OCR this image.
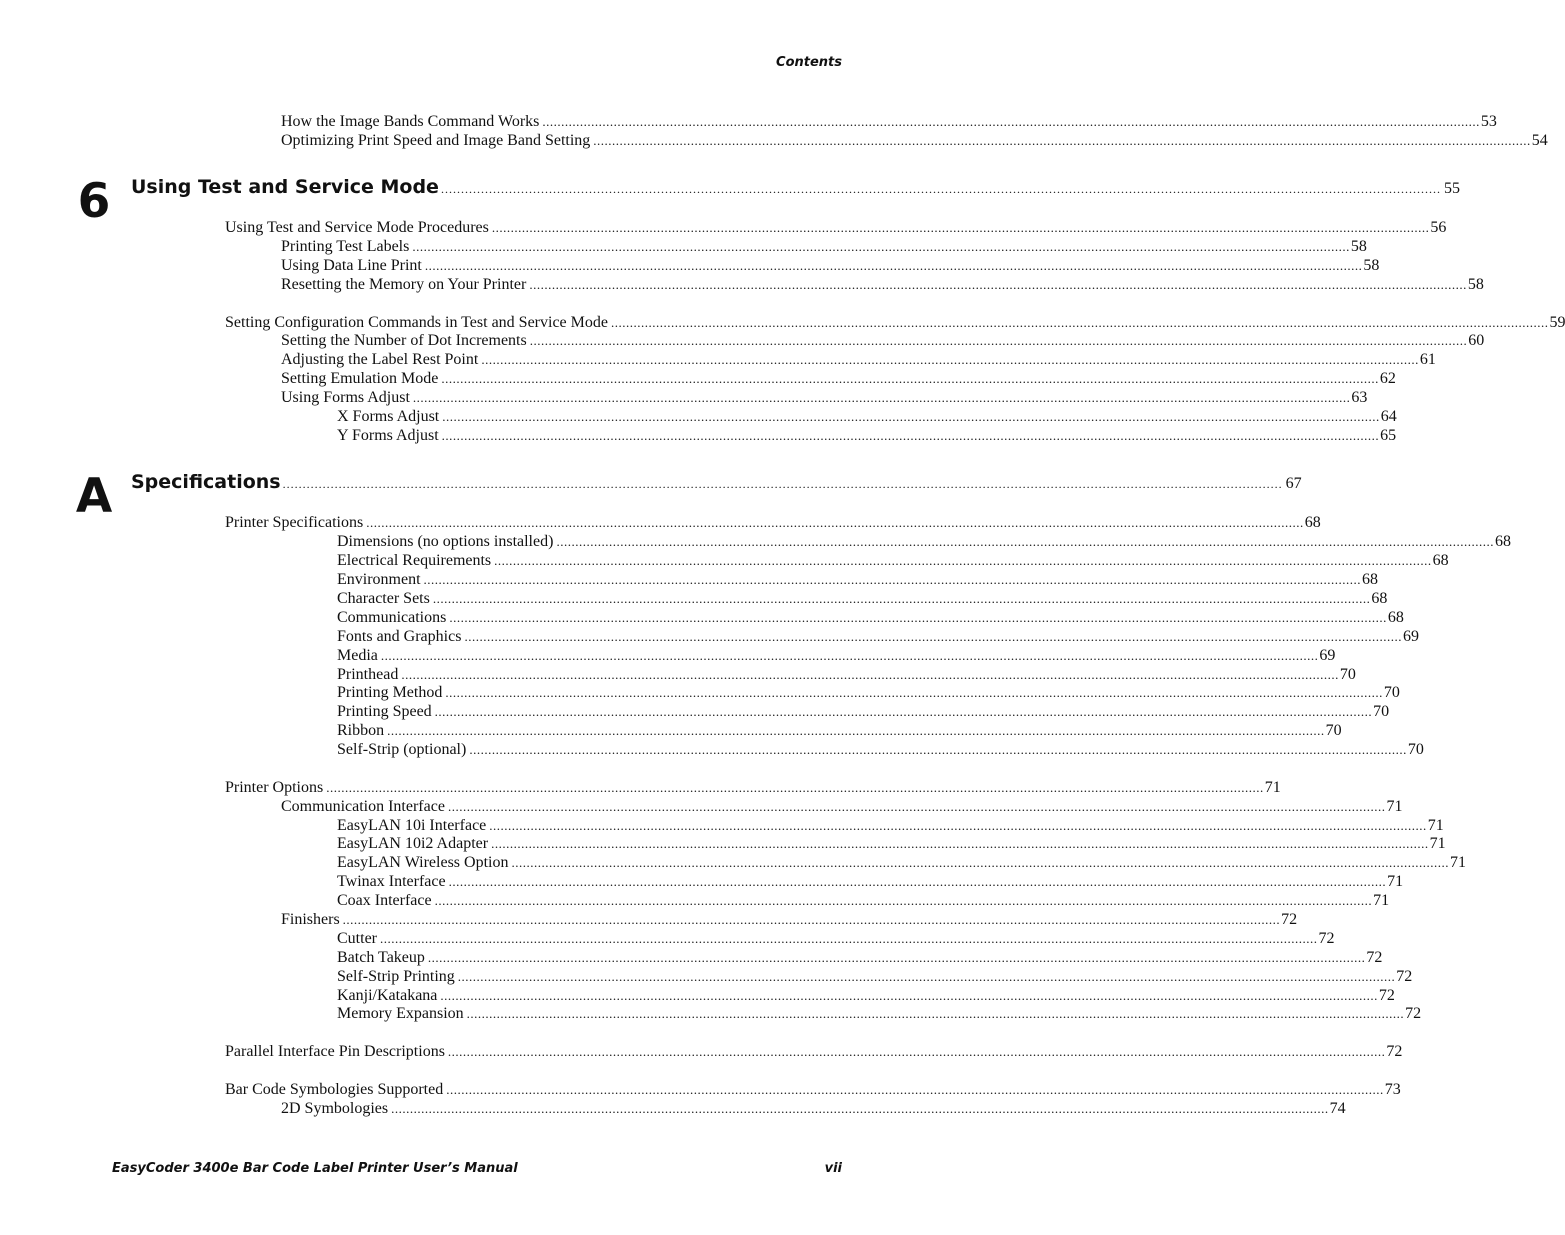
Contents
How the Image Bands Command Works .......................................................................................................................................................................................................................................................... 53
Optimizing Print Speed and Image Band Setting .......................................................................................................................................................................................................................................................... 54
6	Using Test and Service Mode .......................................................................................................................................................................................................................................................... 55
Using Test and Service Mode Procedures .......................................................................................................................................................................................................................................................... 56
Printing Test Labels .......................................................................................................................................................................................................................................................... 58
Using Data Line Print .......................................................................................................................................................................................................................................................... 58
Resetting the Memory on Your Printer .......................................................................................................................................................................................................................................................... 58
Setting Configuration Commands in Test and Service Mode .......................................................................................................................................................................................................................................................... 59
Setting the Number of Dot Increments .......................................................................................................................................................................................................................................................... 60
Adjusting the Label Rest Point .......................................................................................................................................................................................................................................................... 61
Setting Emulation Mode .......................................................................................................................................................................................................................................................... 62
Using Forms Adjust .......................................................................................................................................................................................................................................................... 63
X Forms Adjust .......................................................................................................................................................................................................................................................... 64
Y Forms Adjust .......................................................................................................................................................................................................................................................... 65
A Specifications .......................................................................................................................................................................................................................................................... 67
Printer Specifications .......................................................................................................................................................................................................................................................... 68
Dimensions (no options installed) .......................................................................................................................................................................................................................................................... 68
Electrical Requirements .......................................................................................................................................................................................................................................................... 68
Environment .......................................................................................................................................................................................................................................................... 68
Character Sets .......................................................................................................................................................................................................................................................... 68
Communications .......................................................................................................................................................................................................................................................... 68
Fonts and Graphics .......................................................................................................................................................................................................................................................... 69
Media .......................................................................................................................................................................................................................................................... 69
Printhead .......................................................................................................................................................................................................................................................... 70
Printing Method .......................................................................................................................................................................................................................................................... 70
Printing Speed .......................................................................................................................................................................................................................................................... 70
Ribbon .......................................................................................................................................................................................................................................................... 70
Self-Strip (optional) .......................................................................................................................................................................................................................................................... 70
Printer Options .......................................................................................................................................................................................................................................................... 71
Communication Interface .......................................................................................................................................................................................................................................................... 71
EasyLAN 10i Interface .......................................................................................................................................................................................................................................................... 71
EasyLAN 10i2 Adapter .......................................................................................................................................................................................................................................................... 71
EasyLAN Wireless Option .......................................................................................................................................................................................................................................................... 71
Twinax Interface .......................................................................................................................................................................................................................................................... 71
Coax Interface .......................................................................................................................................................................................................................................................... 71
Finishers .......................................................................................................................................................................................................................................................... 72
Cutter .......................................................................................................................................................................................................................................................... 72
Batch Takeup .......................................................................................................................................................................................................................................................... 72
Self-Strip Printing .......................................................................................................................................................................................................................................................... 72
Kanji/Katakana .......................................................................................................................................................................................................................................................... 72
Memory Expansion .......................................................................................................................................................................................................................................................... 72
Parallel Interface Pin Descriptions .......................................................................................................................................................................................................................................................... 72
Bar Code Symbologies Supported .......................................................................................................................................................................................................................................................... 73
2D Symbologies .......................................................................................................................................................................................................................................................... 74
EasyCoder 3400e Bar Code Label Printer User’s Manual	vii
